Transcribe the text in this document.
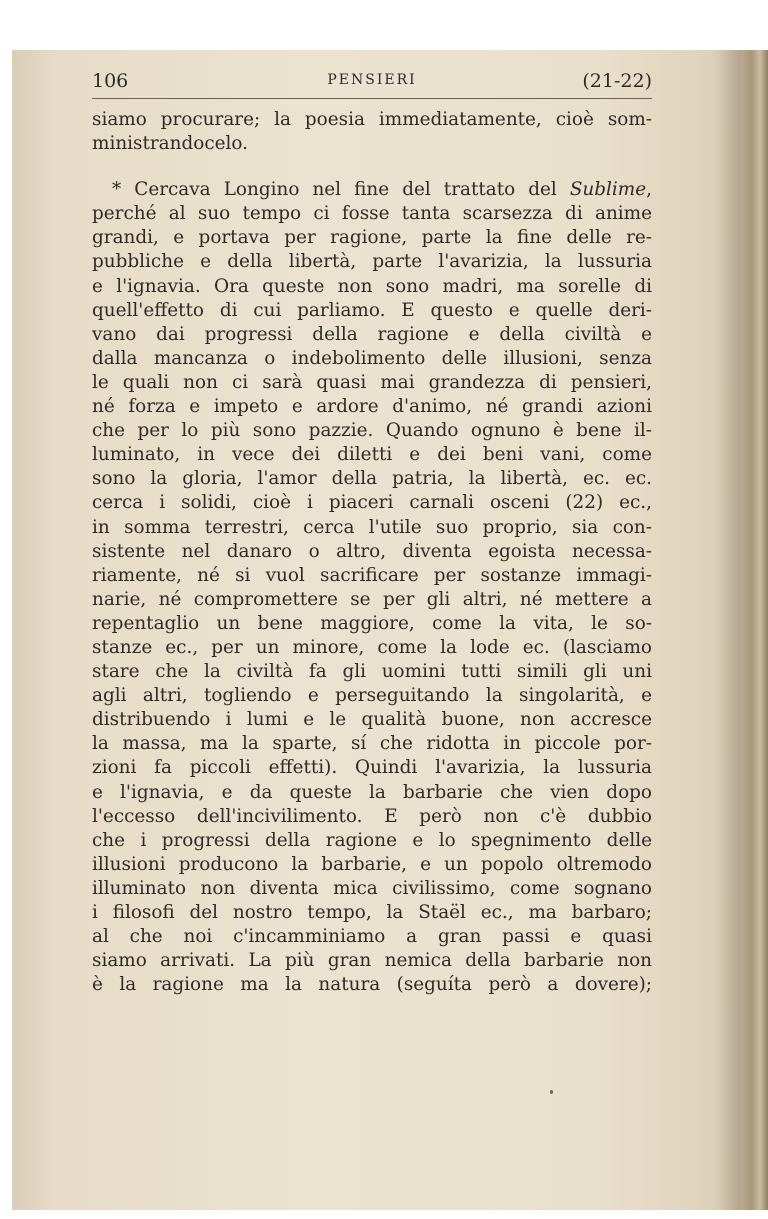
106	PENSIERI	(21-22)
siamo procurare; la poesia immediatamente, cioè som-
ministrandocelo.
* Cercava Longino nel fine del trattato del Sublime,
perché al suo tempo ci fosse tanta scarsezza di anime
grandi, e portava per ragione, parte la fine delle re-
pubbliche e della libertà, parte l'avarizia, la lussuria
e l'ignavia. Ora queste non sono madri, ma sorelle di
quell'effetto di cui parliamo. E questo e quelle deri-
vano dai progressi della ragione e della civiltà e
dalla mancanza o indebolimento delle illusioni, senza
le quali non ci sarà quasi mai grandezza di pensieri,
né forza e impeto e ardore d'animo, né grandi azioni
che per lo più sono pazzie. Quando ognuno è bene il-
luminato, in vece dei diletti e dei beni vani, come
sono la gloria, l'amor della patria, la libertà, ec. ec.
cerca i solidi, cioè i piaceri carnali osceni (22) ec.,
in somma terrestri, cerca l'utile suo proprio, sia con-
sistente nel danaro o altro, diventa egoista necessa-
riamente, né si vuol sacrificare per sostanze immagi-
narie, né compromettere se per gli altri, né mettere a
repentaglio un bene maggiore, come la vita, le so-
stanze ec., per un minore, come la lode ec. (lasciamo
stare che la civiltà fa gli uomini tutti simili gli uni
agli altri, togliendo e perseguitando la singolarità, e
distribuendo i lumi e le qualità buone, non accresce
la massa, ma la sparte, sí che ridotta in piccole por-
zioni fa piccoli effetti). Quindi l'avarizia, la lussuria
e l'ignavia, e da queste la barbarie che vien dopo
l'eccesso dell'incivilimento. E però non c'è dubbio
che i progressi della ragione e lo spegnimento delle
illusioni producono la barbarie, e un popolo oltremodo
illuminato non diventa mica civilissimo, come sognano
i filosofi del nostro tempo, la Staël ec., ma barbaro;
al che noi c'incamminiamo a gran passi e quasi
siamo arrivati. La più gran nemica della barbarie non
è la ragione ma la natura (seguíta però a dovere);
